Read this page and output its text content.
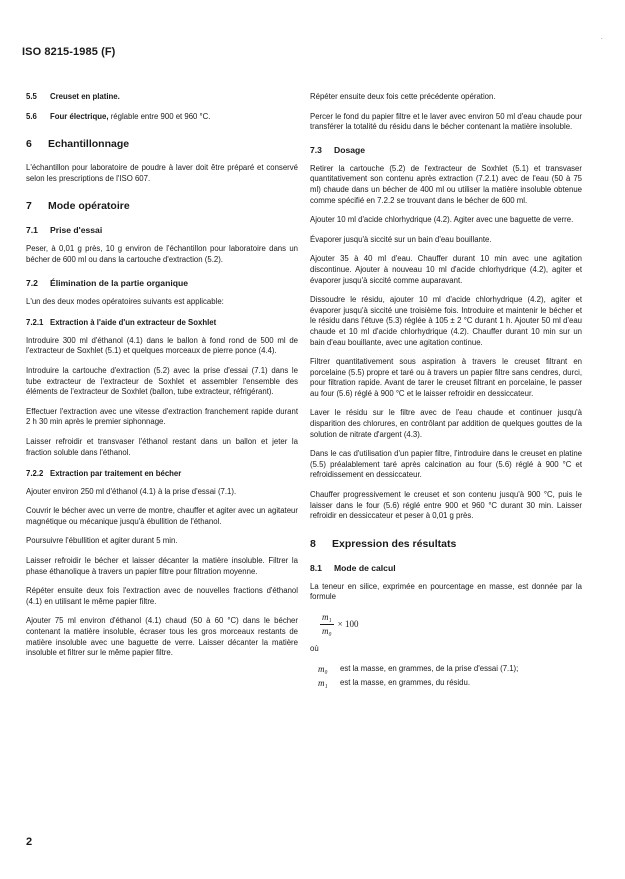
·
ISO 8215-1985 (F)
5.5 Creuset en platine.
5.6 Four électrique, réglable entre 900 et 960 °C.
6 Echantillonnage

L'échantillon pour laboratoire de poudre à laver doit être préparé et conservé selon les prescriptions de l'ISO 607.

7 Mode opératoire
7.1 Prise d'essai

Peser, à 0,01 g près, 10 g environ de l'échantillon pour laboratoire dans un bécher de 600 ml ou dans la cartouche d'extraction (5.2).

7.2 Élimination de la partie organique

L'un des deux modes opératoires suivants est applicable:

7.2.1 Extraction à l'aide d'un extracteur de Soxhlet

Introduire 300 ml d'éthanol (4.1) dans le ballon à fond rond de 500 ml de l'extracteur de Soxhlet (5.1) et quelques morceaux de pierre ponce (4.4).

Introduire la cartouche d'extraction (5.2) avec la prise d'essai (7.1) dans le tube extracteur de l'extracteur de Soxhlet et assembler l'ensemble des éléments de l'extracteur de Soxhlet (ballon, tube extracteur, réfrigérant).

Effectuer l'extraction avec une vitesse d'extraction franchement rapide durant 2 h 30 min après le premier siphonnage.

Laisser refroidir et transvaser l'éthanol restant dans un ballon et jeter la fraction soluble dans l'éthanol.

7.2.2 Extraction par traitement en bécher

Ajouter environ 250 ml d'éthanol (4.1) à la prise d'essai (7.1).

Couvrir le bécher avec un verre de montre, chauffer et agiter avec un agitateur magnétique ou mécanique jusqu'à ébullition de l'éthanol.

Poursuivre l'ébullition et agiter durant 5 min.

Laisser refroidir le bécher et laisser décanter la matière insoluble. Filtrer la phase éthanolique à travers un papier filtre pour filtration moyenne.

Répéter ensuite deux fois l'extraction avec de nouvelles fractions d'éthanol (4.1) en utilisant le même papier filtre.

Ajouter 75 ml environ d'éthanol (4.1) chaud (50 à 60 °C) dans le bécher contenant la matière insoluble, écraser tous les gros morceaux restants de matière insoluble avec une baguette de verre. Laisser décanter la matière insoluble et filtrer sur le même papier filtre.

Répéter ensuite deux fois cette précédente opération.

Percer le fond du papier filtre et le laver avec environ 50 ml d'eau chaude pour transférer la totalité du résidu dans le bécher contenant la matière insoluble.

7.3 Dosage

Retirer la cartouche (5.2) de l'extracteur de Soxhlet (5.1) et transvaser quantitativement son contenu après extraction (7.2.1) avec de l'eau (50 à 75 ml) chaude dans un bécher de 400 ml ou utiliser la matière insoluble obtenue comme spécifié en 7.2.2 se trouvant dans le bécher de 600 ml.

Ajouter 10 ml d'acide chlorhydrique (4.2). Agiter avec une baguette de verre.

Évaporer jusqu'à siccité sur un bain d'eau bouillante.

Ajouter 35 à 40 ml d'eau. Chauffer durant 10 min avec une agitation discontinue. Ajouter à nouveau 10 ml d'acide chlorhydrique (4.2), agiter et évaporer jusqu'à siccité comme auparavant.

Dissoudre le résidu, ajouter 10 ml d'acide chlorhydrique (4.2), agiter et évaporer jusqu'à siccité une troisième fois. Introduire et maintenir le bécher et le résidu dans l'étuve (5.3) réglée à 105 ± 2 °C durant 1 h. Ajouter 50 ml d'eau chaude et 10 ml d'acide chlorhydrique (4.2). Chauffer durant 10 min sur un bain d'eau bouillante, avec une agitation continue.

Filtrer quantitativement sous aspiration à travers le creuset filtrant en porcelaine (5.5) propre et taré ou à travers un papier filtre sans cendres, durci, pour filtration rapide. Avant de tarer le creuset filtrant en porcelaine, le passer au four (5.6) réglé à 900 °C et le laisser refroidir en dessiccateur.

Laver le résidu sur le filtre avec de l'eau chaude et continuer jusqu'à disparition des chlorures, en contrôlant par addition de quelques gouttes de la solution de nitrate d'argent (4.3).

Dans le cas d'utilisation d'un papier filtre, l'introduire dans le creuset en platine (5.5) préalablement taré après calcination au four (5.6) réglé à 900 °C et refroidissement en dessiccateur.

Chauffer progressivement le creuset et son contenu jusqu'à 900 °C, puis le laisser dans le four (5.6) réglé entre 900 et 960 °C durant 30 min. Laisser refroidir en dessiccateur et peser à 0,01 g près.

8 Expression des résultats
8.1 Mode de calcul

La teneur en silice, exprimée en pourcentage en masse, est donnée par la formule

$\frac{\text{m₁}}{\text{m₀}} \times 100$

où

m₀	est la masse, en grammes, de la prise d'essai (7.1);
m₁	est la masse, en grammes, du résidu.
2
